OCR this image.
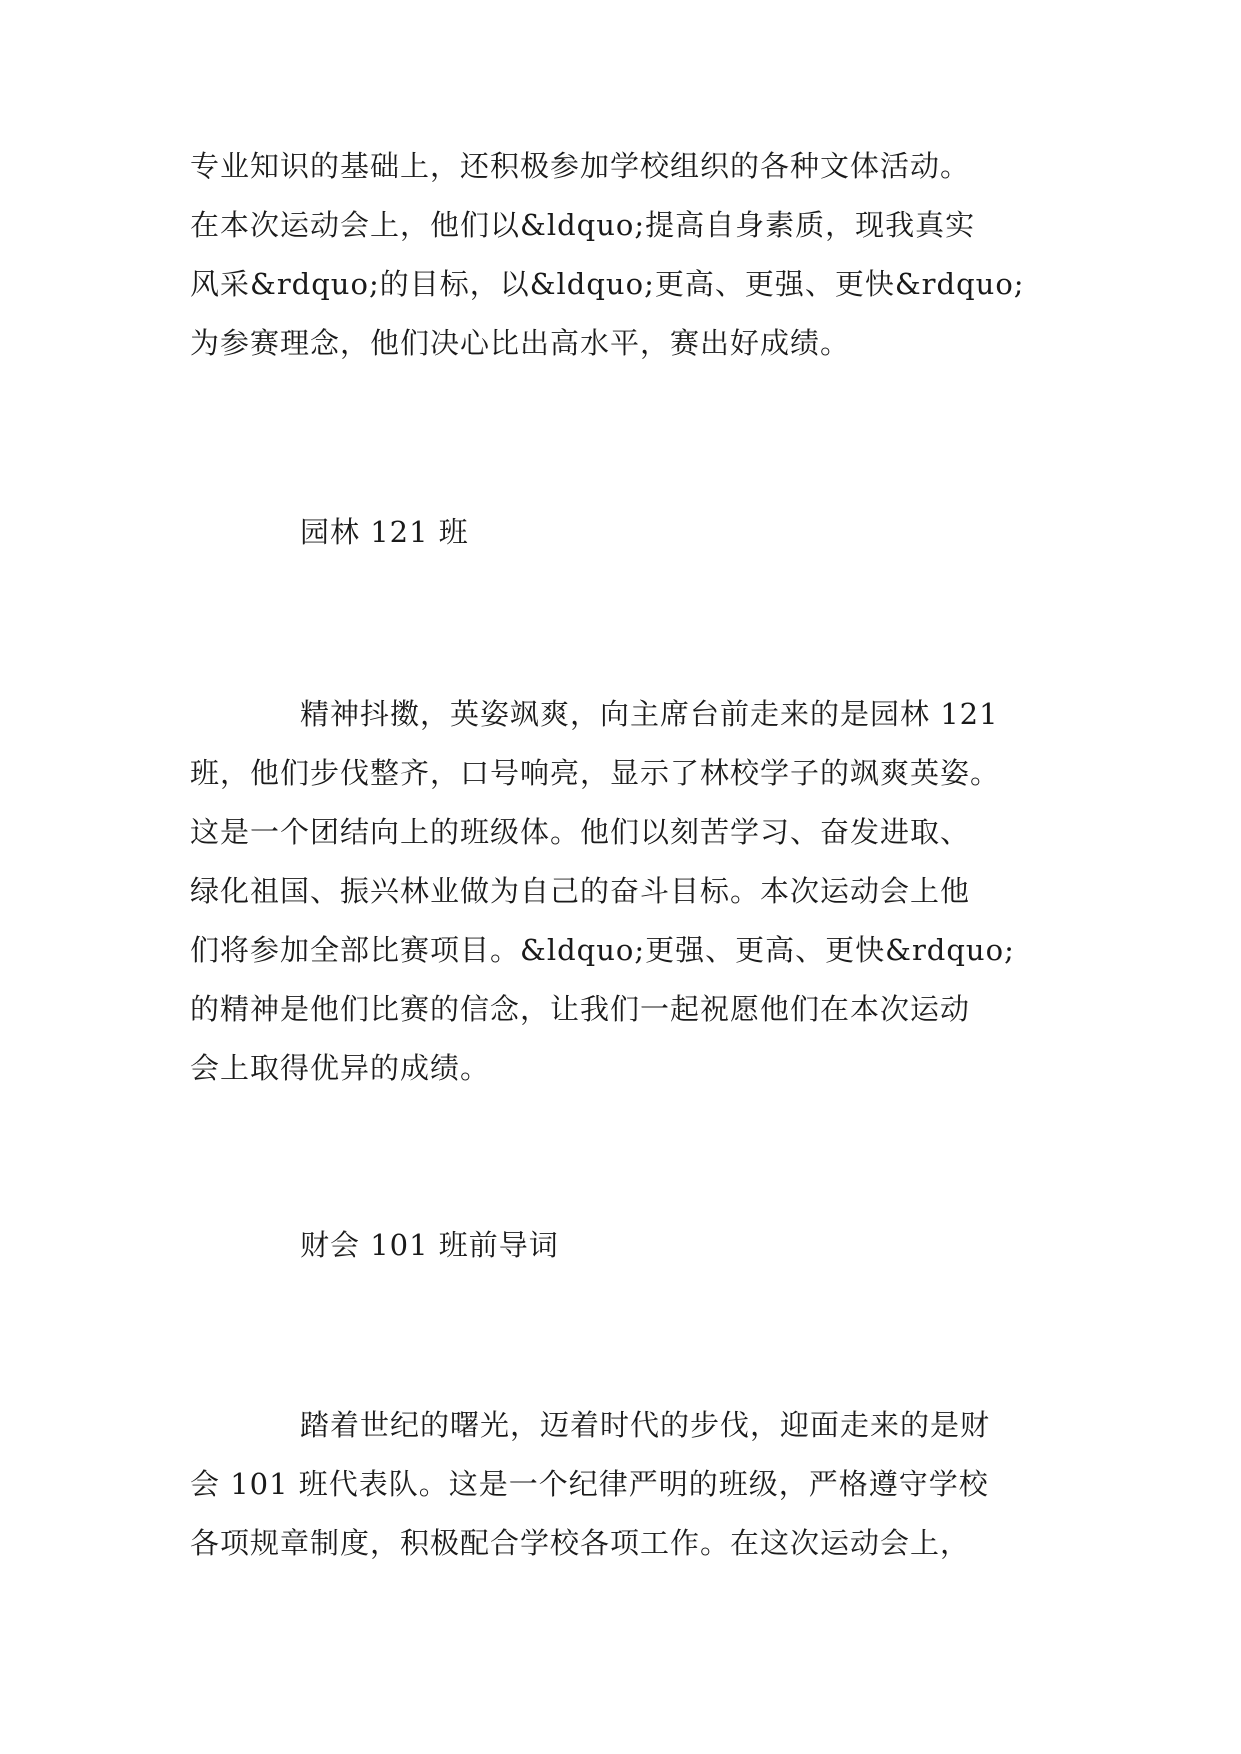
专业知识的基础上，还积极参加学校组织的各种文体活动。
在本次运动会上，他们以&ldquo;提高自身素质，现我真实
风采&rdquo;的目标，以&ldquo;更高、更强、更快&rdquo;
为参赛理念，他们决心比出高水平，赛出好成绩。
园林 121 班
精神抖擞，英姿飒爽，向主席台前走来的是园林 121
班，他们步伐整齐，口号响亮，显示了林校学子的飒爽英姿。
这是一个团结向上的班级体。他们以刻苦学习、奋发进取、
绿化祖国、振兴林业做为自己的奋斗目标。本次运动会上他
们将参加全部比赛项目。&ldquo;更强、更高、更快&rdquo;
的精神是他们比赛的信念，让我们一起祝愿他们在本次运动
会上取得优异的成绩。
财会 101 班前导词
踏着世纪的曙光，迈着时代的步伐，迎面走来的是财
会 101 班代表队。这是一个纪律严明的班级，严格遵守学校
各项规章制度，积极配合学校各项工作。在这次运动会上，
